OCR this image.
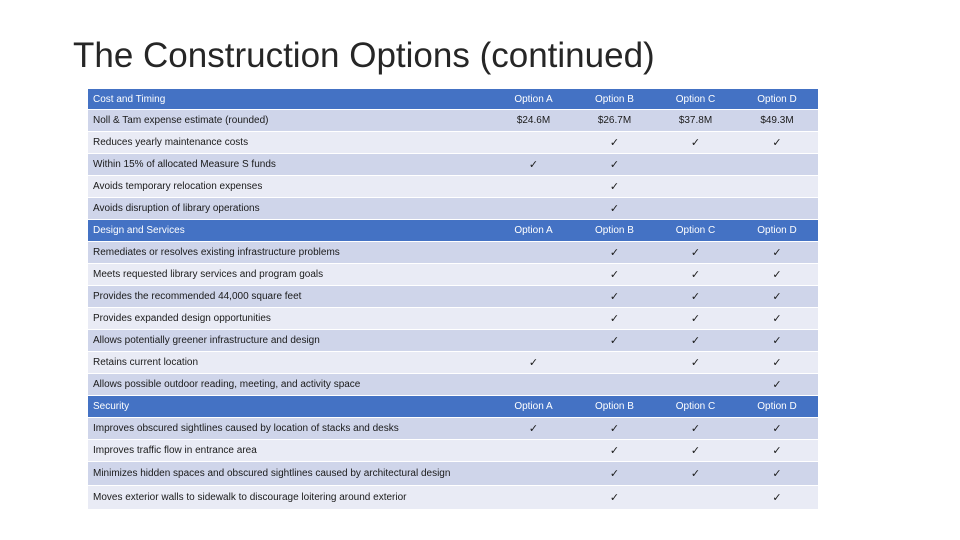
The Construction Options (continued)
Cost and Timing	Option A	Option B	Option C	Option D
Noll & Tam expense estimate (rounded)	$24.6M	$26.7M	$37.8M	$49.3M
Reduces yearly maintenance costs		✓	✓	✓
Within 15% of allocated Measure S funds	✓	✓		
Avoids temporary relocation expenses		✓		
Avoids disruption of library operations		✓		
Design and Services	Option A	Option B	Option C	Option D
Remediates or resolves existing infrastructure problems		✓	✓	✓
Meets requested library services and program goals		✓	✓	✓
Provides the recommended 44,000 square feet		✓	✓	✓
Provides expanded design opportunities		✓	✓	✓
Allows potentially greener infrastructure and design		✓	✓	✓
Retains current location	✓		✓	✓
Allows possible outdoor reading, meeting, and activity space				✓
Security	Option A	Option B	Option C	Option D
Improves obscured sightlines caused by location of stacks and desks	✓	✓	✓	✓
Improves traffic flow in entrance area		✓	✓	✓
Minimizes hidden spaces and obscured sightlines caused by architectural design		✓	✓	✓
Moves exterior walls to sidewalk to discourage loitering around exterior		✓		✓
